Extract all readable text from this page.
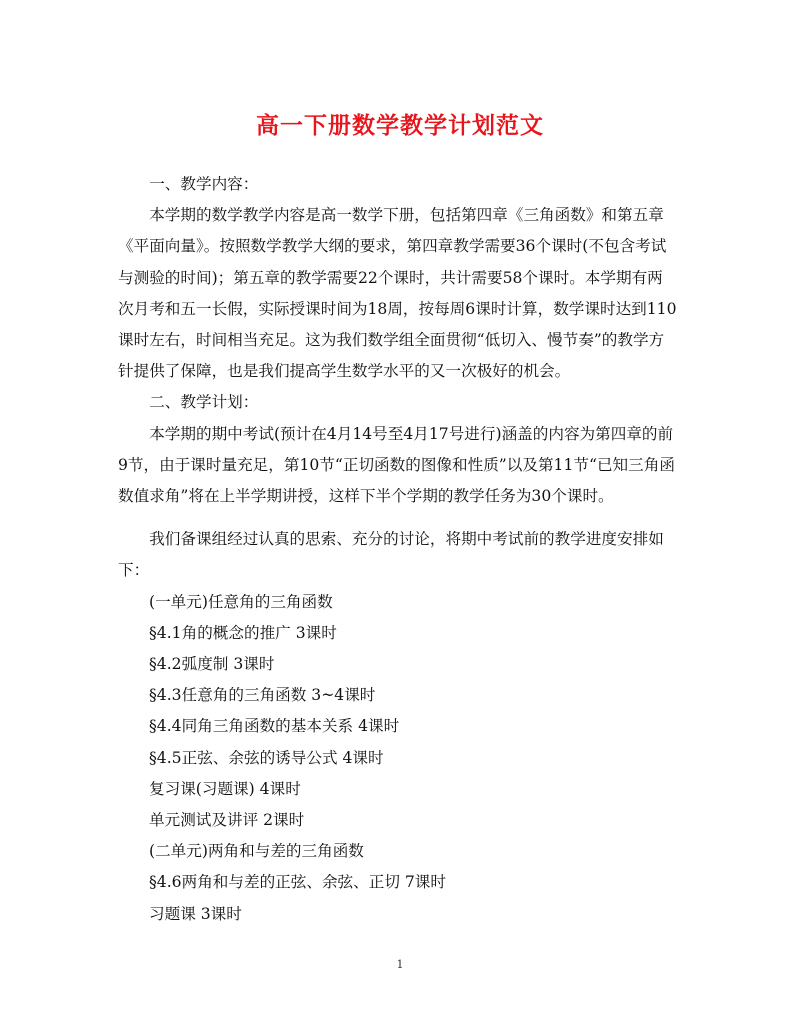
高一下册数学教学计划范文

一、教学内容：

本学期的数学教学内容是高一数学下册，包括第四章《三角函数》和第五章《平面向量》。按照数学教学大纲的要求，第四章教学需要36个课时(不包含考试与测验的时间)；第五章的教学需要22个课时，共计需要58个课时。本学期有两次月考和五一长假，实际授课时间为18周，按每周6课时计算，数学课时达到110课时左右，时间相当充足。这为我们数学组全面贯彻“低切入、慢节奏”的教学方针提供了保障，也是我们提高学生数学水平的又一次极好的机会。

二、教学计划：

本学期的期中考试(预计在4月14号至4月17号进行)涵盖的内容为第四章的前9节，由于课时量充足，第10节“正切函数的图像和性质”以及第11节“已知三角函数值求角”将在上半学期讲授，这样下半个学期的教学任务为30个课时。

我们备课组经过认真的思索、充分的讨论，将期中考试前的教学进度安排如下：

(一单元)任意角的三角函数
§4.1角的概念的推广 3课时
§4.2弧度制 3课时
§4.3任意角的三角函数 3~4课时
§4.4同角三角函数的基本关系 4课时
§4.5正弦、余弦的诱导公式 4课时
复习课(习题课) 4课时
单元测试及讲评 2课时
(二单元)两角和与差的三角函数
§4.6两角和与差的正弦、余弦、正切 7课时
习题课 3课时
1
